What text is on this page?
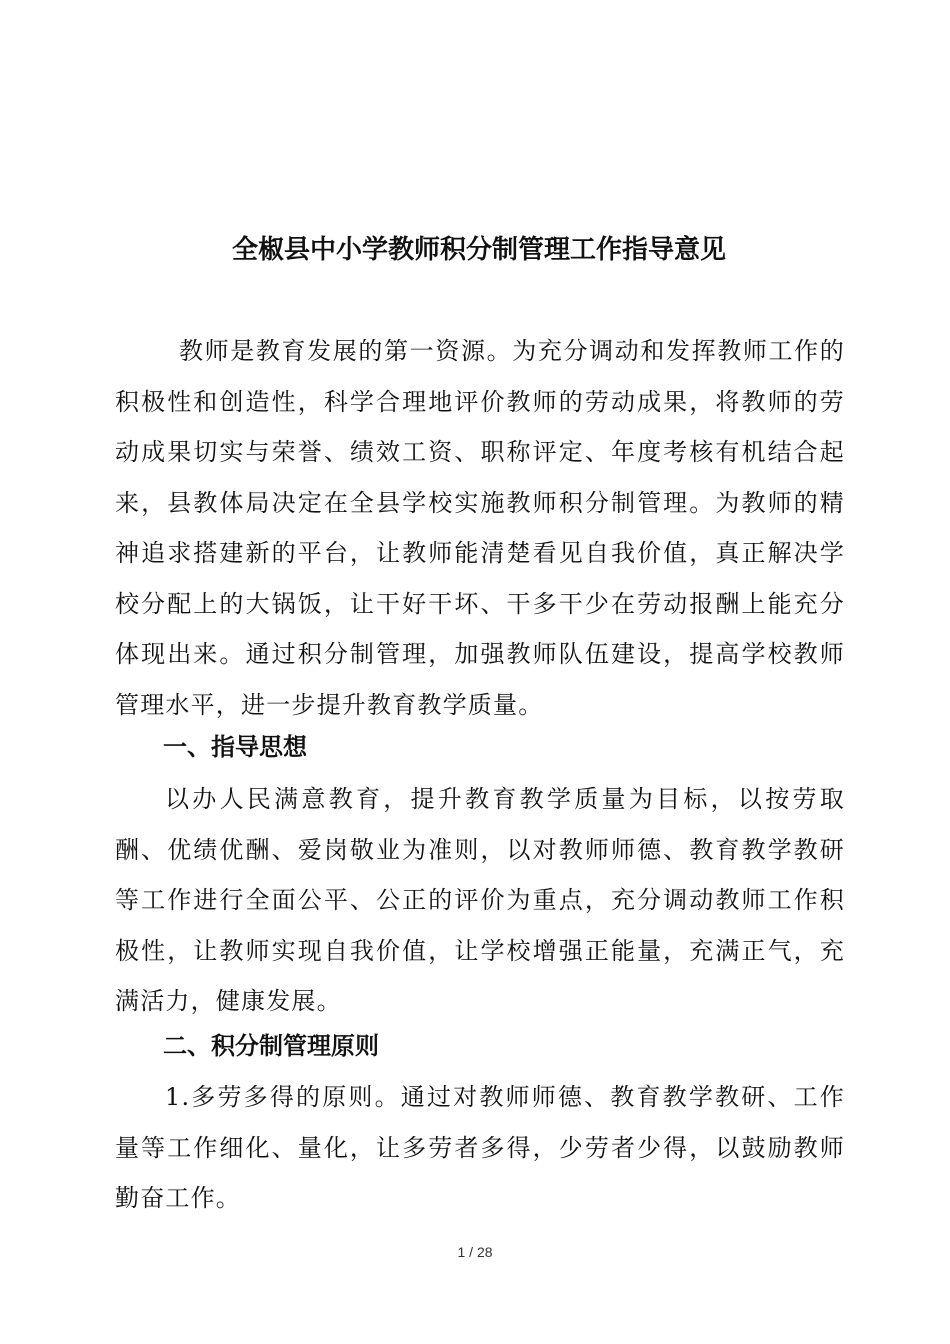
全椒县中小学教师积分制管理工作指导意见

教师是教育发展的第一资源。为充分调动和发挥教师工作的积极性和创造性，科学合理地评价教师的劳动成果，将教师的劳动成果切实与荣誉、绩效工资、职称评定、年度考核有机结合起来，县教体局决定在全县学校实施教师积分制管理。为教师的精神追求搭建新的平台，让教师能清楚看见自我价值，真正解决学校分配上的大锅饭，让干好干坏、干多干少在劳动报酬上能充分体现出来。通过积分制管理，加强教师队伍建设，提高学校教师管理水平，进一步提升教育教学质量。

一、指导思想

以办人民满意教育，提升教育教学质量为目标，以按劳取酬、优绩优酬、爱岗敬业为准则，以对教师师德、教育教学教研等工作进行全面公平、公正的评价为重点，充分调动教师工作积极性，让教师实现自我价值，让学校增强正能量，充满正气，充满活力，健康发展。

二、积分制管理原则

1.多劳多得的原则。通过对教师师德、教育教学教研、工作量等工作细化、量化，让多劳者多得，少劳者少得，以鼓励教师勤奋工作。

1 / 28
